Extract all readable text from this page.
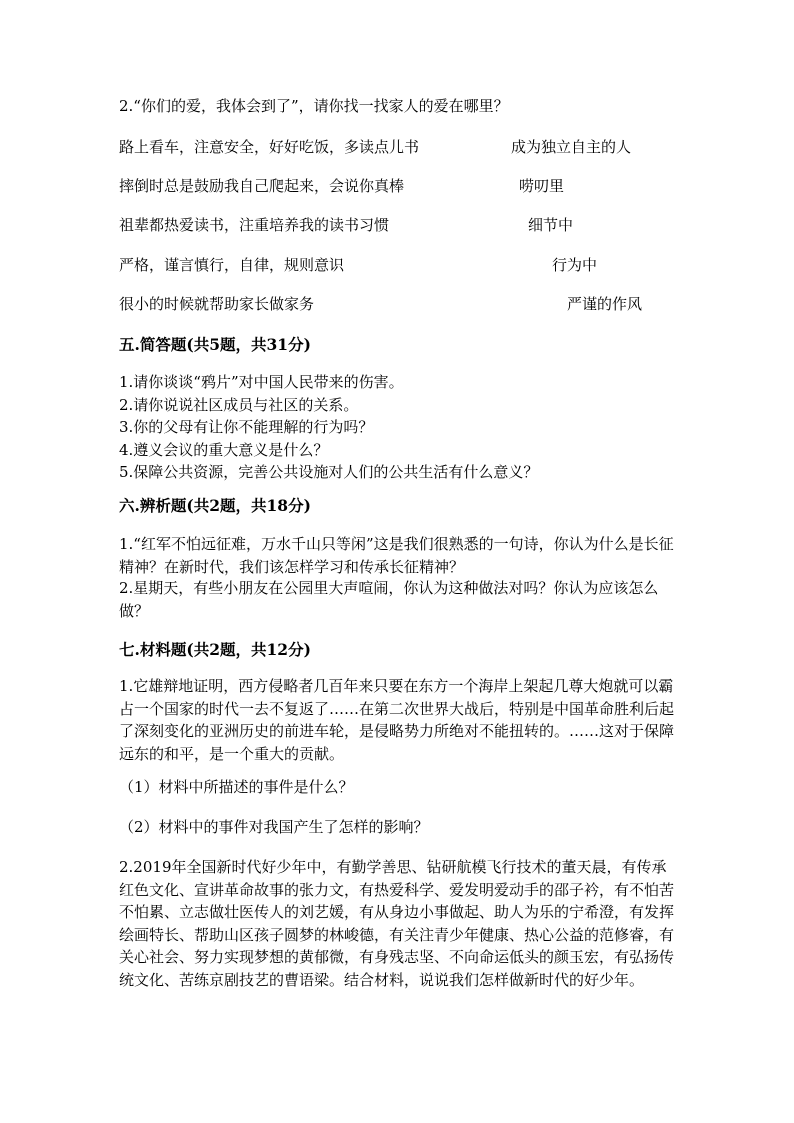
2.“你们的爱，我体会到了”，请你找一找家人的爱在哪里？
路上看车，注意安全，好好吃饭，多读点儿书	成为独立自主的人
摔倒时总是鼓励我自己爬起来，会说你真棒	唠叨里
祖辈都热爱读书，注重培养我的读书习惯	细节中
严格，谨言慎行，自律，规则意识	行为中
很小的时候就帮助家长做家务	严谨的作风
五.简答题(共5题，共31分)
1.请你谈谈“鸦片”对中国人民带来的伤害。
2.请你说说社区成员与社区的关系。
3.你的父母有让你不能理解的行为吗？
4.遵义会议的重大意义是什么？
5.保障公共资源，完善公共设施对人们的公共生活有什么意义？
六.辨析题(共2题，共18分)
1.“红军不怕远征难，万水千山只等闲”这是我们很熟悉的一句诗，你认为什么是长征精神？在新时代，我们该怎样学习和传承长征精神？
2.星期天，有些小朋友在公园里大声喧闹，你认为这种做法对吗？你认为应该怎么做？
七.材料题(共2题，共12分)
1.它雄辩地证明，西方侵略者几百年来只要在东方一个海岸上架起几尊大炮就可以霸占一个国家的时代一去不复返了……在第二次世界大战后，特别是中国革命胜利后起了深刻变化的亚洲历史的前进车轮，是侵略势力所绝对不能扭转的。……这对于保障远东的和平，是一个重大的贡献。
（1）材料中所描述的事件是什么？
（2）材料中的事件对我国产生了怎样的影响？
2.2019年全国新时代好少年中，有勤学善思、钻研航模飞行技术的董天晨，有传承红色文化、宣讲革命故事的张力文，有热爱科学、爱发明爱动手的邵子衿，有不怕苦不怕累、立志做壮医传人的刘艺媛，有从身边小事做起、助人为乐的宁希澄，有发挥绘画特长、帮助山区孩子圆梦的林峻德，有关注青少年健康、热心公益的范修睿，有关心社会、努力实现梦想的黄郁微，有身残志坚、不向命运低头的颜玉宏，有弘扬传统文化、苦练京剧技艺的曹语梁。结合材料，说说我们怎样做新时代的好少年。
